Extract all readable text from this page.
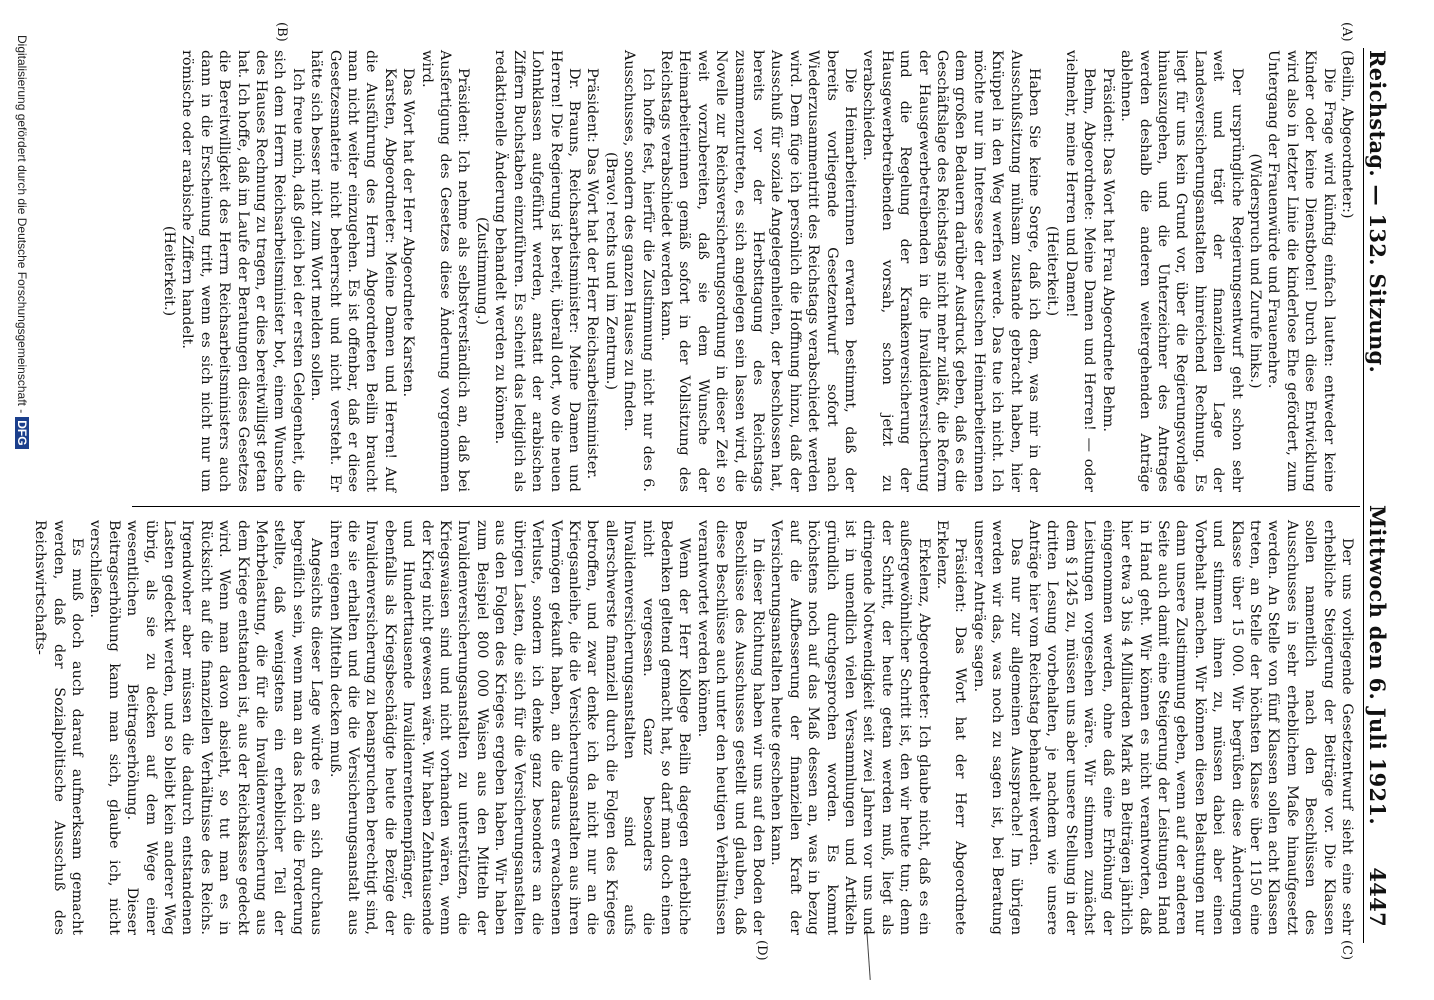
Reichstag. — 132. Sitzung.
Mittwoch den 6. Juli 1921.
4447
(A)
(B)
(C)
(D)

(Beilin, Abgeordneter:)

Die Frage wird künftig einfach lauten: entweder keine Kinder oder keine Dienstboten! Durch diese Entwicklung wird also in letzter Linie die kinderlose Ehe gefördert, zum Untergang der Frauenwürde und Frauenehre.

(Widerspruch und Zurufe links.)

Der ursprüngliche Regierungsentwurf geht schon sehr weit und trägt der finanziellen Lage der Landesversicherungsanstalten hinreichend Rechnung. Es liegt für uns kein Grund vor, über die Regierungsvorlage hinauszugehen, und die Unterzeichner des Antrages werden deshalb die anderen weitergehenden Anträge ablehnen.

Präsident: Das Wort hat Frau Abgeordnete Behm.

Behm, Abgeordnete: Meine Damen und Herren! — oder vielmehr, meine Herren und Damen!

(Heiterkeit.)

Haben Sie keine Sorge, daß ich dem, was mir in der Ausschußsitzung mühsam zustande gebracht haben, hier Knüppel in den Weg werfen werde. Das tue ich nicht. Ich möchte nur im Interesse der deutschen Heimarbeiterinnen dem großen Bedauern darüber Ausdruck geben, daß es die Geschäftslage des Reichstags nicht mehr zuläßt, die Reform der Hausgewerbetreibenden in die Invalidenversicherung und die Regelung der Krankenversicherung der Hausgewerbetreibenden vorsah, schon jetzt zu verabschieden.

Die Heimarbeiterinnen erwarten bestimmt, daß der bereits vorliegende Gesetzentwurf sofort nach Wiederzusammentritt des Reichstags verabschiedet werden wird. Dem füge ich persönlich die Hoffnung hinzu, daß der Ausschuß für soziale Angelegenheiten, der beschlossen hat, bereits vor der Herbsttagung des Reichstags zusammenzutreten, es sich angelegen sein lassen wird, die Novelle zur Reichsversicherungsordnung in dieser Zeit so weit vorzubereiten, daß sie dem Wunsche der Heimarbeiterinnen gemäß sofort in der Vollsitzung des Reichstags verabschiedet werden kann.

Ich hoffe fest, hierfür die Zustimmung nicht nur des 6. Ausschusses, sondern des ganzen Hauses zu finden.

(Bravo! rechts und im Zentrum.)

Präsident: Das Wort hat der Herr Reichsarbeitsminister.

Dr. Brauns, Reichsarbeitsminister: Meine Damen und Herren! Die Regierung ist bereit, überall dort, wo die neuen Lohnklassen aufgeführt werden, anstatt der arabischen Ziffern Buchstaben einzuführen. Es scheint das lediglich als redaktionelle Änderung behandelt werden zu können.

(Zustimmung.)

Präsident: Ich nehme als selbstverständlich an, daß bei Ausfertigung des Gesetzes diese Änderung vorgenommen wird.

Das Wort hat der Herr Abgeordnete Karsten.

Karsten, Abgeordneter: Meine Damen und Herren! Auf die Ausführung des Herrn Abgeordneten Beilin braucht man nicht weiter einzugehen. Es ist offenbar, daß er diese Gesetzesmaterie nicht beherrscht und nicht versteht. Er hätte sich besser nicht zum Wort melden sollen.

Ich freue mich, daß gleich bei der ersten Gelegenheit, die sich dem Herrn Reichsarbeitsminister bot, einem Wunsche des Hauses Rechnung zu tragen, er dies bereitwilligst getan hat. Ich hoffe, daß im Laufe der Beratungen dieses Gesetzes die Bereitwilligkeit des Herrn Reichsarbeitsministers auch dann in die Erscheinung tritt, wenn es sich nicht nur um römische oder arabische Ziffern handelt.

(Heiterkeit.)

Der uns vorliegende Gesetzentwurf sieht eine sehr erhebliche Steigerung der Beiträge vor. Die Klassen sollen namentlich nach den Beschlüssen des Ausschusses in sehr erheblichem Maße hinaufgesetzt werden. An Stelle von fünf Klassen sollen acht Klassen treten, an Stelle der höchsten Klasse über 1150 eine Klasse über 15 000. Wir begrüßen diese Änderungen und stimmen ihnen zu, müssen dabei aber einen Vorbehalt machen. Wir können diesen Belastungen nur dann unsere Zustimmung geben, wenn auf der anderen Seite auch damit eine Steigerung der Leistungen Hand in Hand geht. Wir können es nicht verantworten, daß hier etwa 3 bis 4 Milliarden Mark an Beiträgen jährlich eingenommen werden, ohne daß eine Erhöhung der Leistungen vorgesehen wäre. Wir stimmen zunächst dem § 1245 zu, müssen uns aber unsere Stellung in der dritten Lesung vorbehalten, je nachdem wie unsere Anträge hier vom Reichstag behandelt werden.

Das nur zur allgemeinen Aussprache! Im übrigen werden wir das, was noch zu sagen ist, bei Beratung unserer Anträge sagen.

Präsident: Das Wort hat der Herr Abgeordnete Erkelenz.

Erkelenz, Abgeordneter: Ich glaube nicht, daß es ein außergewöhnlicher Schritt ist, den wir heute tun; denn der Schritt, der heute getan werden muß, liegt als dringende Notwendigkeit seit zwei Jahren vor uns und ist in unendlich vielen Versammlungen und Artikeln gründlich durchgesprochen worden. Es kommt höchstens noch auf das Maß dessen an, was in bezug auf die Aufbesserung der finanziellen Kraft der Versicherungsanstalten heute geschehen kann.

In dieser Richtung haben wir uns auf den Boden der Beschlüsse des Ausschusses gestellt und glauben, daß diese Beschlüsse auch unter den heutigen Verhältnissen verantwortet werden können.

Wenn der Herr Kollege Beilin dagegen erhebliche Bedenken geltend gemacht hat, so darf man doch einen nicht vergessen. Ganz besonders die Invalidenversicherungsanstalten sind aufs allerschwerste finanziell durch die Folgen des Krieges betroffen, und zwar denke ich da nicht nur an die Kriegsanleihe, die die Versicherungsanstalten aus ihren Vermögen gekauft haben, an die daraus erwachsenen Verluste, sondern ich denke ganz besonders an die übrigen Lasten, die sich für die Versicherungsanstalten aus den Folgen des Krieges ergeben haben. Wir haben zum Beispiel 800 000 Waisen aus den Mitteln der Invalidenversicherungsanstalten zu unterstützen, die Kriegswaisen sind und nicht vorhanden wären, wenn der Krieg nicht gewesen wäre. Wir haben Zehntausende und Hunderttausende Invalidenrentenempfänger, die ebenfalls als Kriegsbeschädigte heute die Bezüge der Invalidenversicherung zu beanspruchen berechtigt sind, die sie erhalten und die die Versicherungsanstalt aus ihren eigenen Mitteln decken muß.

Angesichts dieser Lage würde es an sich durchaus begreiflich sein, wenn man an das Reich die Forderung stellte, daß wenigstens ein erheblicher Teil der Mehrbelastung, die für die Invalidenversicherung aus dem Kriege entstanden ist, aus der Reichskasse gedeckt wird. Wenn man davon absieht, so tut man es in Rücksicht auf die finanziellen Verhältnisse des Reichs. Irgendwoher aber müssen die dadurch entstandenen Lasten gedeckt werden, und so bleibt kein anderer Weg übrig, als sie zu decken auf dem Wege einer wesentlichen Beitragserhöhung. Dieser Beitragserhöhung kann man sich, glaube ich, nicht verschließen.

Es muß doch auch darauf aufmerksam gemacht werden, daß der Sozialpolitische Ausschuß des Reichswirtschafts-

Digitalisierung gefördert durch die Deutsche Forschungsgemeinschaft -DFG
